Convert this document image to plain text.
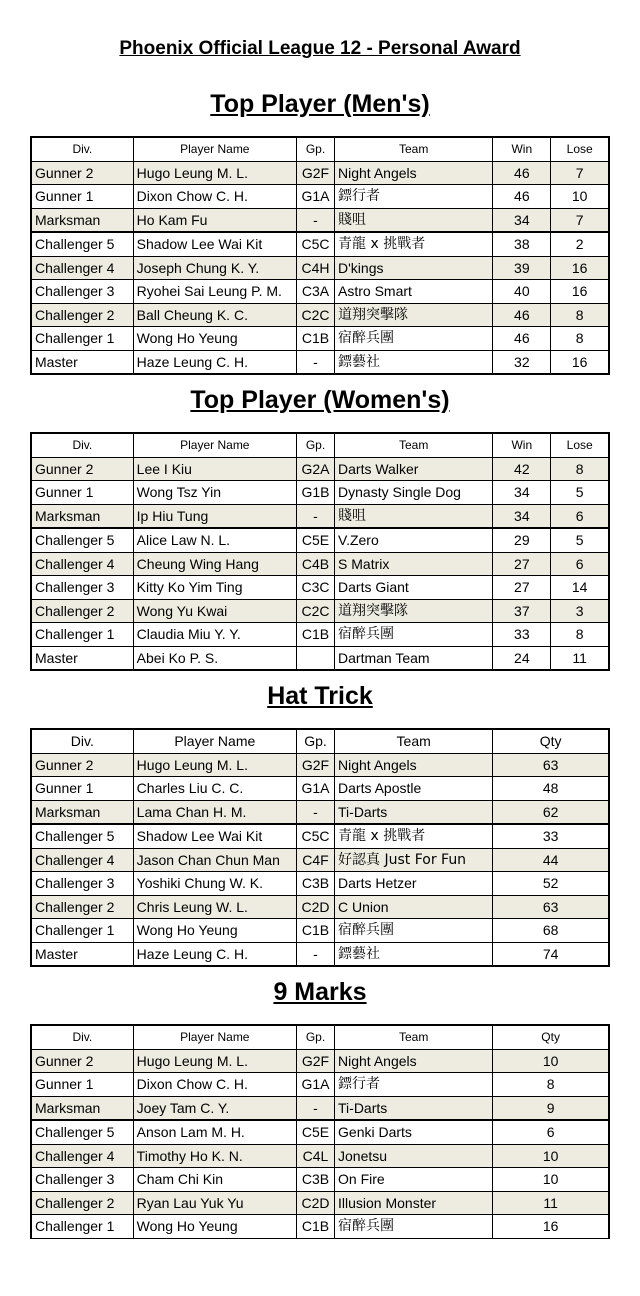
Phoenix Official League 12 - Personal Award
Top Player (Men's)
Div.	Player Name	Gp.	Team	Win	Lose
Gunner 2	Hugo Leung M. L.	G2F	Night Angels	46	7
Gunner 1	Dixon Chow C. H.	G1A	鏢行者	46	10
Marksman	Ho Kam Fu	-	賤咀	34	7
Challenger 5	Shadow Lee Wai Kit	C5C	青龍 x 挑戰者	38	2
Challenger 4	Joseph Chung K. Y.	C4H	D'kings	39	16
Challenger 3	Ryohei Sai Leung P. M.	C3A	Astro Smart	40	16
Challenger 2	Ball Cheung K. C.	C2C	道翔突擊隊	46	8
Challenger 1	Wong Ho Yeung	C1B	宿醉兵團	46	8
Master	Haze Leung C. H.	-	鏢藝社	32	16
Top Player (Women's)
Div.	Player Name	Gp.	Team	Win	Lose
Gunner 2	Lee I Kiu	G2A	Darts Walker	42	8
Gunner 1	Wong Tsz Yin	G1B	Dynasty Single Dog	34	5
Marksman	Ip Hiu Tung	-	賤咀	34	6
Challenger 5	Alice Law N. L.	C5E	V.Zero	29	5
Challenger 4	Cheung Wing Hang	C4B	S Matrix	27	6
Challenger 3	Kitty Ko Yim Ting	C3C	Darts Giant	27	14
Challenger 2	Wong Yu Kwai	C2C	道翔突擊隊	37	3
Challenger 1	Claudia Miu Y. Y.	C1B	宿醉兵團	33	8
Master	Abei Ko P. S.		Dartman Team	24	11
Hat Trick
Div.	Player Name	Gp.	Team	Qty
Gunner 2	Hugo Leung M. L.	G2F	Night Angels	63
Gunner 1	Charles Liu C. C.	G1A	Darts Apostle	48
Marksman	Lama Chan H. M.	-	Ti-Darts	62
Challenger 5	Shadow Lee Wai Kit	C5C	青龍 x 挑戰者	33
Challenger 4	Jason Chan Chun Man	C4F	好認真 Just For Fun	44
Challenger 3	Yoshiki Chung W. K.	C3B	Darts Hetzer	52
Challenger 2	Chris Leung W. L.	C2D	C Union	63
Challenger 1	Wong Ho Yeung	C1B	宿醉兵團	68
Master	Haze Leung C. H.	-	鏢藝社	74
9 Marks
Div.	Player Name	Gp.	Team	Qty
Gunner 2	Hugo Leung M. L.	G2F	Night Angels	10
Gunner 1	Dixon Chow C. H.	G1A	鏢行者	8
Marksman	Joey Tam C. Y.	-	Ti-Darts	9
Challenger 5	Anson Lam M. H.	C5E	Genki Darts	6
Challenger 4	Timothy Ho K. N.	C4L	Jonetsu	10
Challenger 3	Cham Chi Kin	C3B	On Fire	10
Challenger 2	Ryan Lau Yuk Yu	C2D	Illusion Monster	11
Challenger 1	Wong Ho Yeung	C1B	宿醉兵團	16
